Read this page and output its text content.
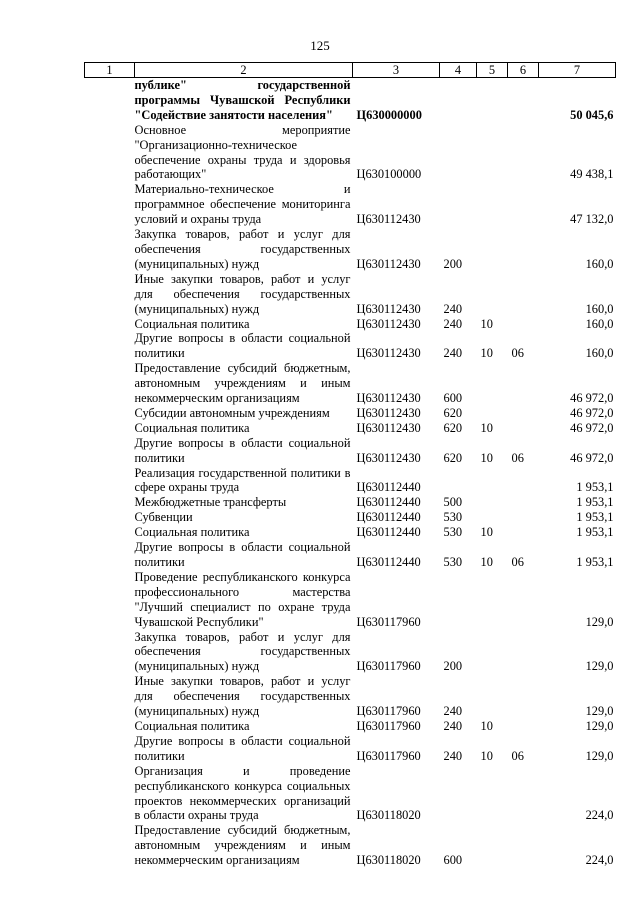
125
1	2	3	4	5	6	7
	публике" государственной программы Чувашской Республики "Содействие занятости населения"	Ц630000000				50 045,6
	Основное мероприятие "Организационно-техническое обеспечение охраны труда и здоровья работающих"	Ц630100000				49 438,1
	Материально-техническое и программное обеспечение мониторинга условий и охраны труда	Ц630112430				47 132,0
	Закупка товаров, работ и услуг для обеспечения государственных (муниципальных) нужд	Ц630112430	200			160,0
	Иные закупки товаров, работ и услуг для обеспечения государственных (муниципальных) нужд	Ц630112430	240			160,0
	Социальная политика	Ц630112430	240	10		160,0
	Другие вопросы в области социальной политики	Ц630112430	240	10	06	160,0
	Предоставление субсидий бюджетным, автономным учреждениям и иным некоммерческим организациям	Ц630112430	600			46 972,0
	Субсидии автономным учреждениям	Ц630112430	620			46 972,0
	Социальная политика	Ц630112430	620	10		46 972,0
	Другие вопросы в области социальной политики	Ц630112430	620	10	06	46 972,0
	Реализация государственной политики в сфере охраны труда	Ц630112440				1 953,1
	Межбюджетные трансферты	Ц630112440	500			1 953,1
	Субвенции	Ц630112440	530			1 953,1
	Социальная политика	Ц630112440	530	10		1 953,1
	Другие вопросы в области социальной политики	Ц630112440	530	10	06	1 953,1
	Проведение республиканского конкурса профессионального мастерства "Лучший специалист по охране труда Чувашской Республики"	Ц630117960				129,0
	Закупка товаров, работ и услуг для обеспечения государственных (муниципальных) нужд	Ц630117960	200			129,0
	Иные закупки товаров, работ и услуг для обеспечения государственных (муниципальных) нужд	Ц630117960	240			129,0
	Социальная политика	Ц630117960	240	10		129,0
	Другие вопросы в области социальной политики	Ц630117960	240	10	06	129,0
	Организация и проведение республиканского конкурса социальных проектов некоммерческих организаций в области охраны труда	Ц630118020				224,0
	Предоставление субсидий бюджетным, автономным учреждениям и иным некоммерческим организациям	Ц630118020	600			224,0
